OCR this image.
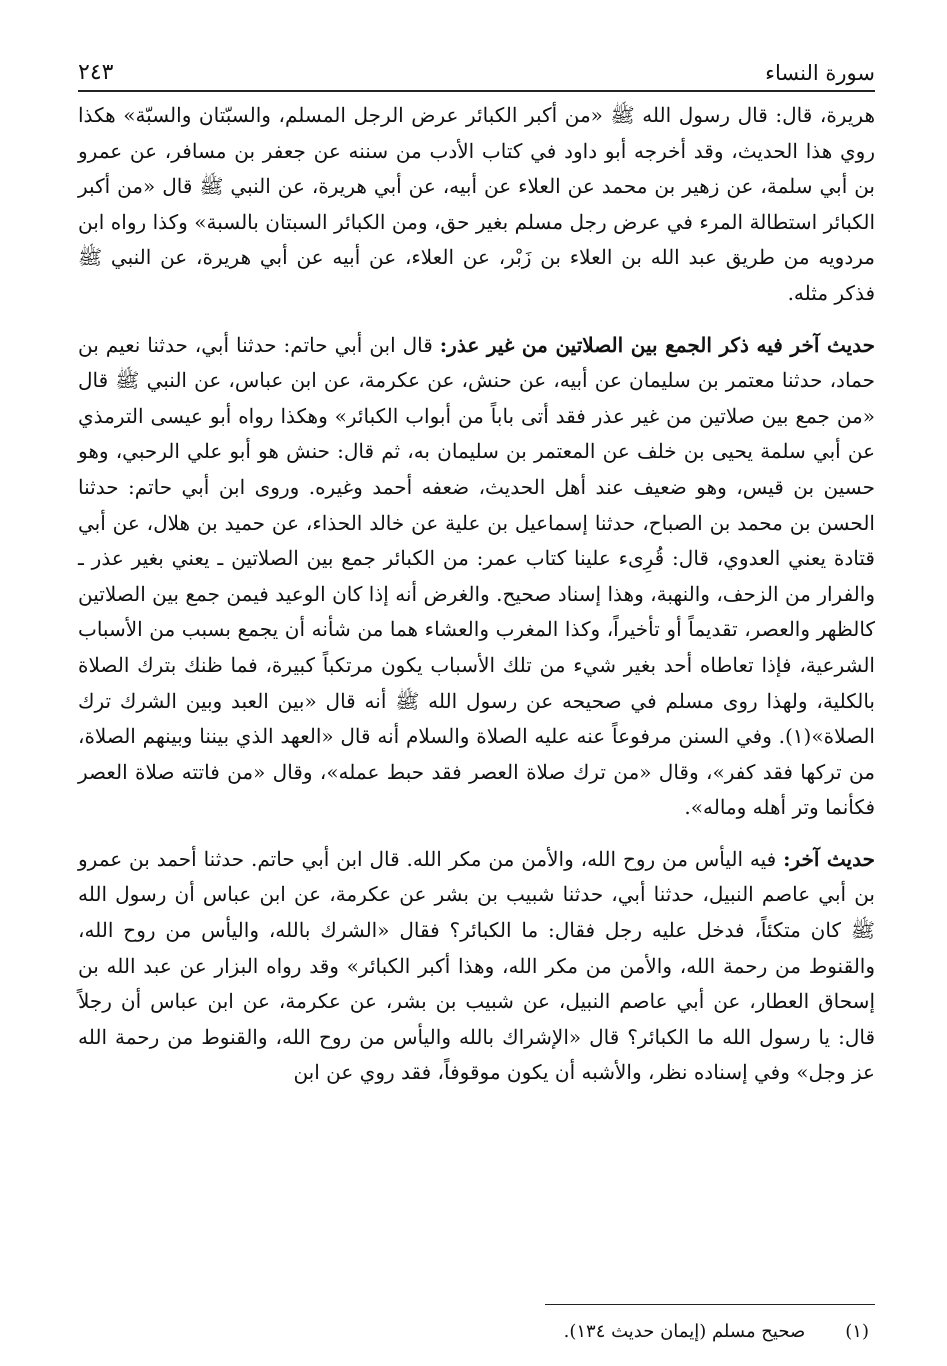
سورة النساء
٢٤٣

هريرة، قال: قال رسول الله ﷺ «من أكبر الكبائر عرض الرجل المسلم، والسبّتان والسبّة» هكذا روي هذا الحديث، وقد أخرجه أبو داود في كتاب الأدب من سننه عن جعفر بن مسافر، عن عمرو بن أبي سلمة، عن زهير بن محمد عن العلاء عن أبيه، عن أبي هريرة، عن النبي ﷺ قال «من أكبر الكبائر استطالة المرء في عرض رجل مسلم بغير حق، ومن الكبائر السبتان بالسبة» وكذا رواه ابن مردويه من طريق عبد الله بن العلاء بن زَبْر، عن العلاء، عن أبيه عن أبي هريرة، عن النبي ﷺ فذكر مثله.

حديث آخر فيه ذكر الجمع بين الصلاتين من غير عذر: قال ابن أبي حاتم: حدثنا أبي، حدثنا نعيم بن حماد، حدثنا معتمر بن سليمان عن أبيه، عن حنش، عن عكرمة، عن ابن عباس، عن النبي ﷺ قال «من جمع بين صلاتين من غير عذر فقد أتى باباً من أبواب الكبائر» وهكذا رواه أبو عيسى الترمذي عن أبي سلمة يحيى بن خلف عن المعتمر بن سليمان به، ثم قال: حنش هو أبو علي الرحبي، وهو حسين بن قيس، وهو ضعيف عند أهل الحديث، ضعفه أحمد وغيره. وروى ابن أبي حاتم: حدثنا الحسن بن محمد بن الصباح، حدثنا إسماعيل بن علية عن خالد الحذاء، عن حميد بن هلال، عن أبي قتادة يعني العدوي، قال: قُرِىء علينا كتاب عمر: من الكبائر جمع بين الصلاتين ـ يعني بغير عذر ـ والفرار من الزحف، والنهبة، وهذا إسناد صحيح. والغرض أنه إذا كان الوعيد فيمن جمع بين الصلاتين كالظهر والعصر، تقديماً أو تأخيراً، وكذا المغرب والعشاء هما من شأنه أن يجمع بسبب من الأسباب الشرعية، فإذا تعاطاه أحد بغير شيء من تلك الأسباب يكون مرتكباً كبيرة، فما ظنك بترك الصلاة بالكلية، ولهذا روى مسلم في صحيحه عن رسول الله ﷺ أنه قال «بين العبد وبين الشرك ترك الصلاة»(١). وفي السنن مرفوعاً عنه عليه الصلاة والسلام أنه قال «العهد الذي بيننا وبينهم الصلاة، من تركها فقد كفر»، وقال «من ترك صلاة العصر فقد حبط عمله»، وقال «من فاتته صلاة العصر فكأنما وتر أهله وماله».

حديث آخر: فيه اليأس من روح الله، والأمن من مكر الله. قال ابن أبي حاتم. حدثنا أحمد بن عمرو بن أبي عاصم النبيل، حدثنا أبي، حدثنا شبيب بن بشر عن عكرمة، عن ابن عباس أن رسول الله ﷺ كان متكئاً، فدخل عليه رجل فقال: ما الكبائر؟ فقال «الشرك بالله، واليأس من روح الله، والقنوط من رحمة الله، والأمن من مكر الله، وهذا أكبر الكبائر» وقد رواه البزار عن عبد الله بن إسحاق العطار، عن أبي عاصم النبيل، عن شبيب بن بشر، عن عكرمة، عن ابن عباس أن رجلاً قال: يا رسول الله ما الكبائر؟ قال «الإشراك بالله واليأس من روح الله، والقنوط من رحمة الله عز وجل» وفي إسناده نظر، والأشبه أن يكون موقوفاً، فقد روي عن ابن

(١)صحيح مسلم (إيمان حديث ١٣٤).
